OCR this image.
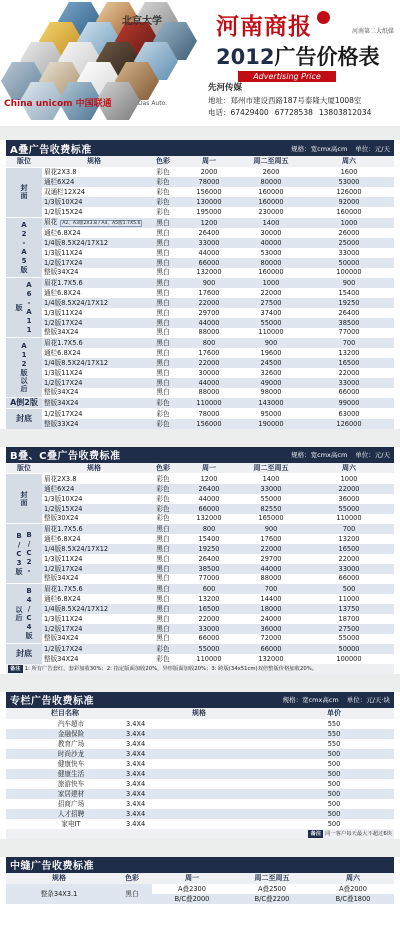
China unicom 中国联通	Das Auto.
北京大学 河南商报	河南第二大纸媒
2012广告价格表
Advertising Price
先河传媒
地址：郑州市建设西路187号泰隆大厦1008室
电话：67429400 67728538 13803812034
A叠广告收费标准	规格：宽cmx高cm 单位：元/天
版位	规格	色彩	周一	周二至周五	周六
封面	眉花2X3.8	彩色	2000	2600	1600
	通栏6X24	彩色	78000	80000	53000
	双通栏12X24	彩色	156000	160000	126000
	1/3版10X24	彩色	130000	160000	92000
	1/2版15X24	彩色	195000	230000	160000
A2-A5版	眉花 A2、A3版2X3.8 / A4、A5版1.7X5.6	黑白	1200	1400	1000
	通栏6.8X24	黑白	26400	30000	26000
	1/4版8.5X24/17X12	黑白	33000	40000	25000
	1/3版11X24	黑白	44000	53000	33000
	1/2版17X24	黑白	66000	80000	50000
	整版34X24	黑白	132000	160000	100000
A6-A11版	眉花1.7X5.6	黑白	900	1000	900
	通栏6.8X24	黑白	17600	22000	15400
	1/4版8.5X24/17X12	黑白	22000	27500	19250
	1/3版11X24	黑白	29700	37400	26400
	1/2版17X24	黑白	44000	55000	38500
	整版34X24	黑白	88000	110000	77000
A12版以后	眉花1.7X5.6	黑白	800	900	700
	通栏6.8X24	黑白	17600	19600	13200
	1/4版8.5X24/17X12	黑白	22000	24500	16500
	1/3版11X24	黑白	30000	32600	22000
	1/2版17X24	黑白	44000	49000	33000
	整版34X24	黑白	88000	98000	66000
A倒2版	整版34X24	彩色	110000	143000	99000
封底	1/2版17X24	彩色	78000	95000	63000
	整版33X24	彩色	156000	190000	126000
B叠、C叠广告收费标准	规格：宽cmx高cm 单位：元/天
版位	规格	色彩	周一	周二至周五	周六
封面	眉花2X3.8	彩色	1200	1400	1000
	通栏6X24	彩色	26400	33000	22000
	1/3版10X24	彩色	44000	55000	36000
	1/2版15X24	彩色	66000	82550	55000
	整版30X24	彩色	132000	165000	110000
B/C2-B/C3版	眉花1.7X5.6	黑白	800	900	700
	通栏6.8X24	黑白	15400	17600	13200
	1/4版8.5X24/17X12	黑白	19250	22000	16500
	1/3版11X24	黑白	26400	29700	22000
	1/2版17X24	黑白	38500	44000	33000
	整版34X24	黑白	77000	88000	66000
B4/C4版以后	眉花1.7X5.6	黑白	600	700	500
	通栏6.8X24	黑白	13200	14400	11000
	1/4版8.5X24/17X12	黑白	16500	18000	13750
	1/3版11X24	黑白	22000	24000	18700
	1/2版17X24	黑白	33000	36000	27500
	整版34X24	黑白	66000	72000	55000
封底	1/2版17X24	彩色	55000	66000	50000
	整版34X24	彩色	110000	132000	100000
备注 1: 所有广告套红，套彩加收30%；2: 指定版面加收20%，异形版面加收20%；3: 跨版(34x51cm)双倍整版价格加收20%。
专栏广告收费标准	规格：宽cmx高cm 单位：元/天·块
栏目名称	规格	单价
汽车超市	3.4X4	550
金融保险	3.4X4	550
教育广场	3.4X4	550
时尚沙龙	3.4X4	500
健康快车	3.4X4	500
健康生活	3.4X4	500
旅游快车	3.4X4	500
家居建材	3.4X4	500
招商广场	3.4X4	500
人才招聘	3.4X4	500
家电IT	3.4X4	500
备注 同一客户每天最大不超过6块
中缝广告收费标准
规格	色彩	周一	周二至周五	周六
整条34X3.1	黑白	A叠2300	A叠2500	A叠2000
		B/C叠2000	B/C叠2200	B/C叠1800
